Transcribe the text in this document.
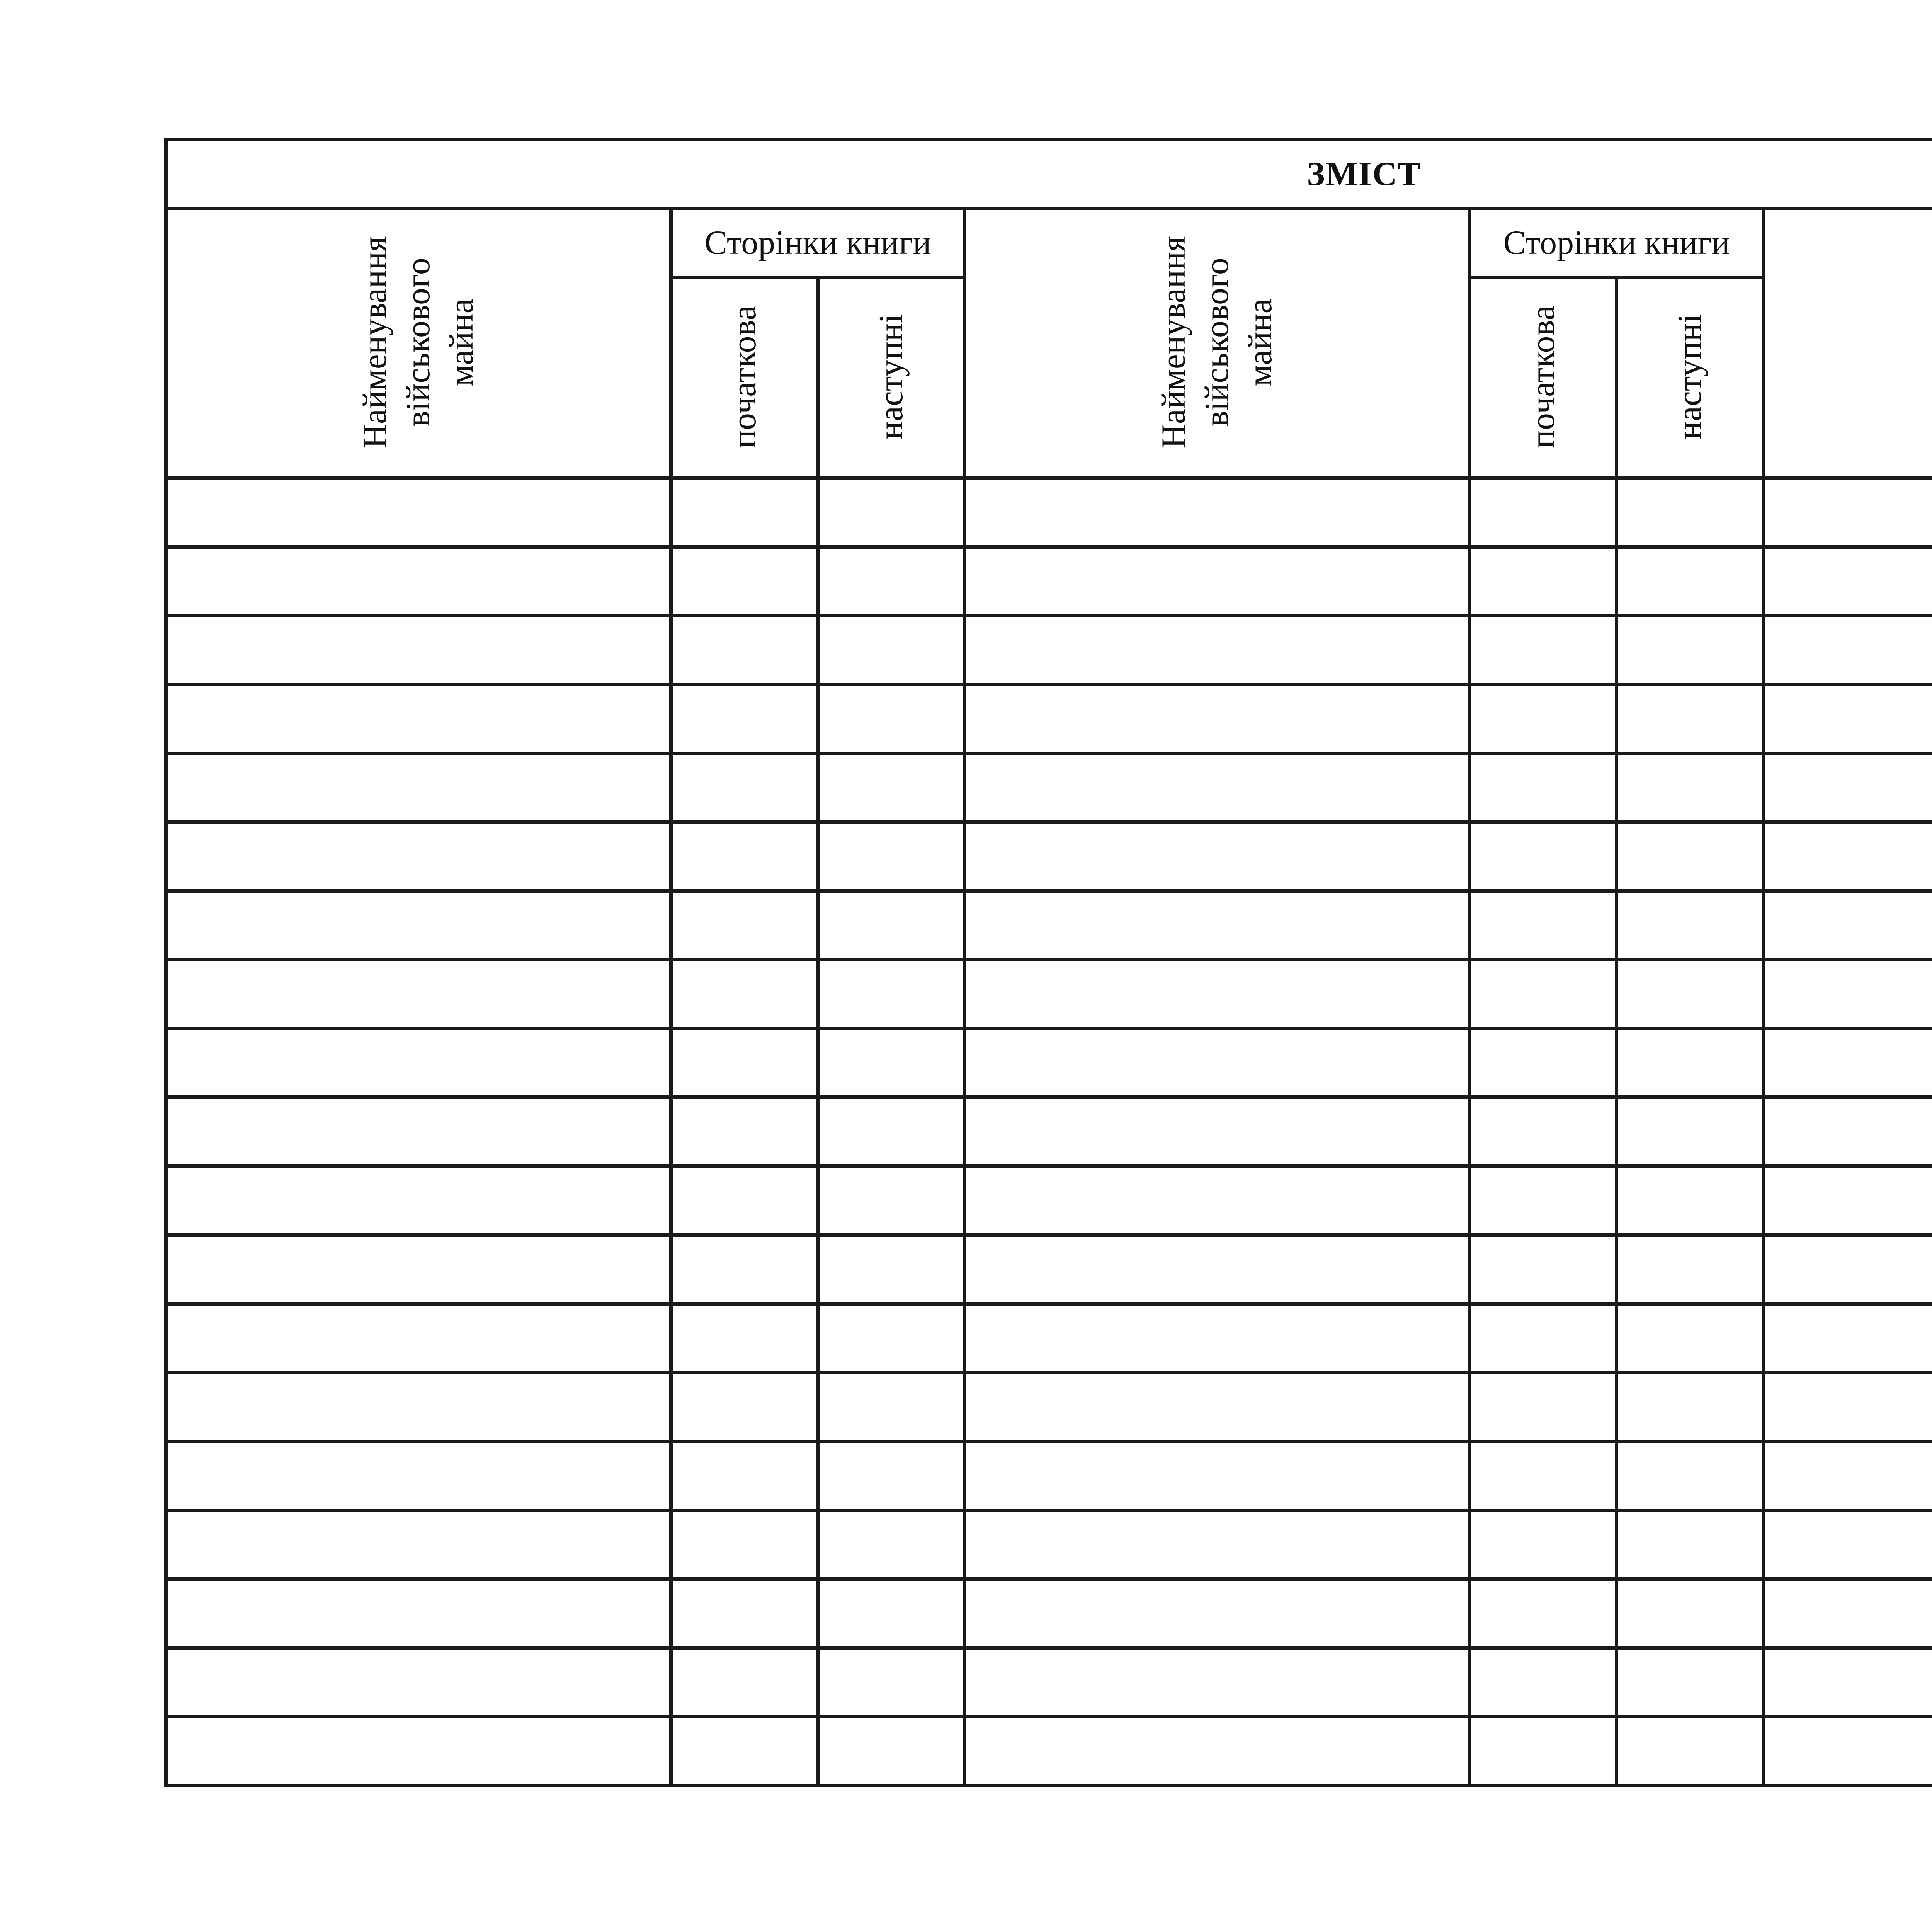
ЗМІСТ								
Найменування
військового
майна	Сторінки книги		Найменування
військового
майна	Сторінки книги		
	початкова	наступні		початкова	наступні		
